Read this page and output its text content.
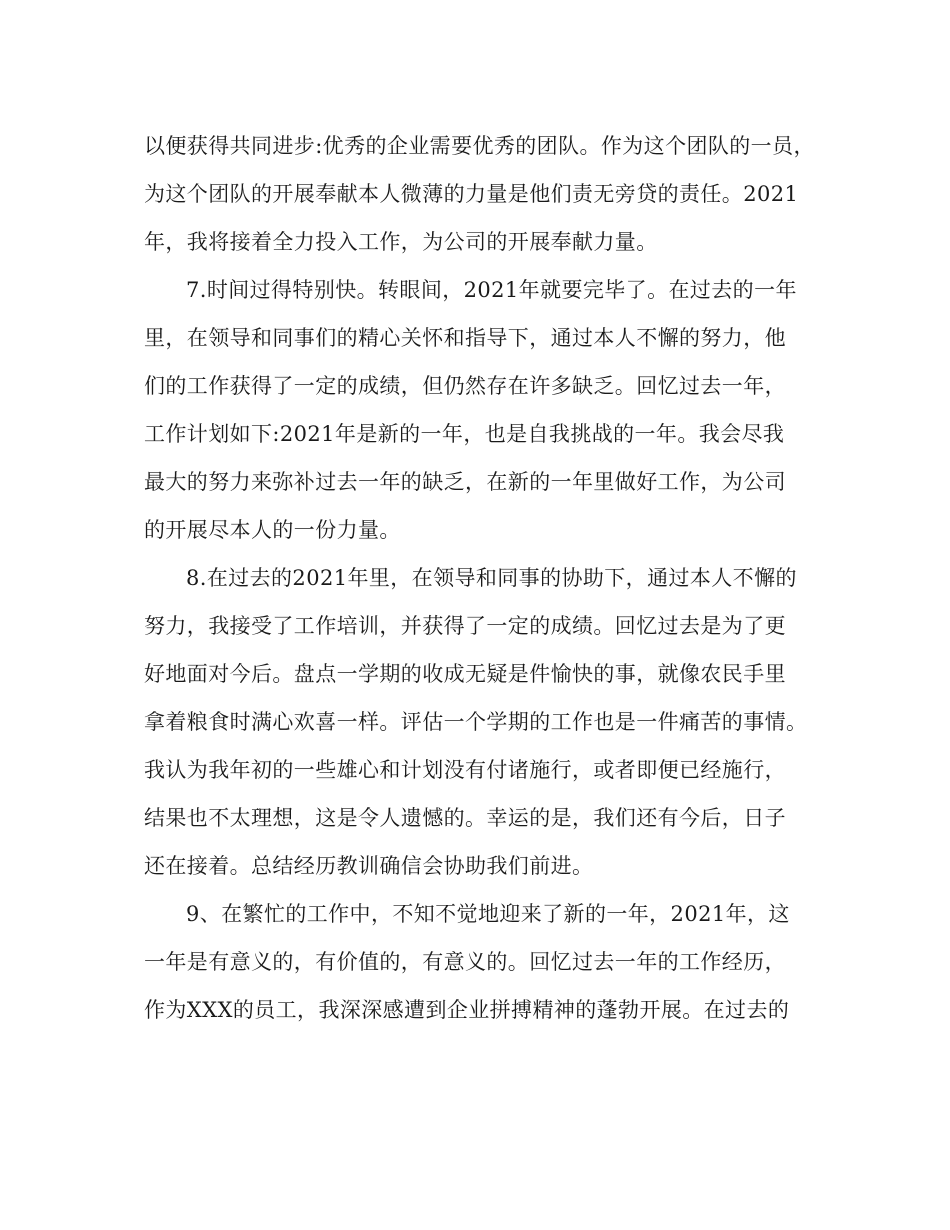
以便获得共同进步:优秀的企业需要优秀的团队。作为这个团队的一员，
为这个团队的开展奉献本人微薄的力量是他们责无旁贷的责任。2021
年，我将接着全力投入工作，为公司的开展奉献力量。
7.时间过得特别快。转眼间，2021年就要完毕了。在过去的一年
里，在领导和同事们的精心关怀和指导下，通过本人不懈的努力，他
们的工作获得了一定的成绩，但仍然存在许多缺乏。回忆过去一年，
工作计划如下:2021年是新的一年，也是自我挑战的一年。我会尽我
最大的努力来弥补过去一年的缺乏，在新的一年里做好工作，为公司
的开展尽本人的一份力量。
8.在过去的2021年里，在领导和同事的协助下，通过本人不懈的
努力，我接受了工作培训，并获得了一定的成绩。回忆过去是为了更
好地面对今后。盘点一学期的收成无疑是件愉快的事，就像农民手里
拿着粮食时满心欢喜一样。评估一个学期的工作也是一件痛苦的事情。
我认为我年初的一些雄心和计划没有付诸施行，或者即便已经施行，
结果也不太理想，这是令人遗憾的。幸运的是，我们还有今后，日子
还在接着。总结经历教训确信会协助我们前进。
9、在繁忙的工作中，不知不觉地迎来了新的一年，2021年，这
一年是有意义的，有价值的，有意义的。回忆过去一年的工作经历，
作为XXX的员工，我深深感遭到企业拼搏精神的蓬勃开展。在过去的
